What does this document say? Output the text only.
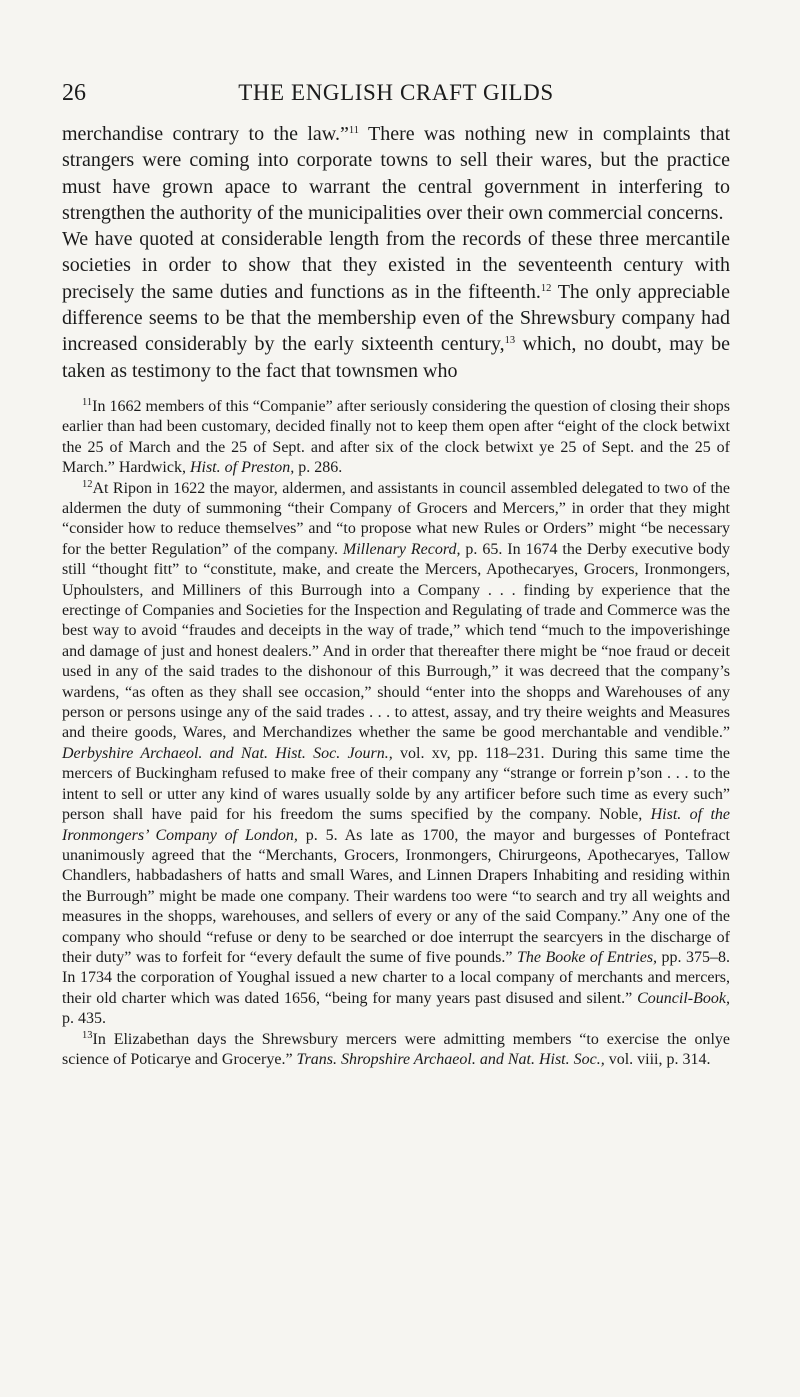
26	THE ENGLISH CRAFT GILDS

merchandise contrary to the law.”$^{11}$ There was nothing new in complaints that strangers were coming into corporate towns to sell their wares, but the practice must have grown apace to warrant the central government in interfering to strengthen the authority of the municipalities over their own commercial concerns.

We have quoted at considerable length from the records of these three mercantile societies in order to show that they existed in the seventeenth century with precisely the same duties and functions as in the fifteenth.$^{12}$ The only appreciable difference seems to be that the membership even of the Shrewsbury company had increased considerably by the early sixteenth century,$^{13}$ which, no doubt, may be taken as testimony to the fact that townsmen who

$^{11}$In 1662 members of this “Companie” after seriously considering the question of closing their shops earlier than had been customary, decided finally not to keep them open after “eight of the clock betwixt the 25 of March and the 25 of Sept. and after six of the clock betwixt ye 25 of Sept. and the 25 of March.” Hardwick, Hist. of Preston, p. 286.

$^{12}$At Ripon in 1622 the mayor, aldermen, and assistants in council assembled delegated to two of the aldermen the duty of summoning “their Company of Grocers and Mercers,” in order that they might “consider how to reduce themselves” and “to propose what new Rules or Orders” might “be necessary for the better Regulation” of the company. Millenary Record, p. 65. In 1674 the Derby executive body still “thought fitt” to “constitute, make, and create the Mercers, Apothecaryes, Grocers, Ironmongers, Uphoulsters, and Milliners of this Burrough into a Company . . . finding by experience that the erectinge of Companies and Societies for the Inspection and Regulating of trade and Commerce was the best way to avoid “fraudes and deceipts in the way of trade,” which tend “much to the impoverishinge and damage of just and honest dealers.” And in order that thereafter there might be “noe fraud or deceit used in any of the said trades to the dishonour of this Burrough,” it was decreed that the company’s wardens, “as often as they shall see occasion,” should “enter into the shopps and Warehouses of any person or persons usinge any of the said trades . . . to attest, assay, and try theire weights and Measures and theire goods, Wares, and Merchandizes whether the same be good merchantable and vendible.” Derbyshire Archaeol. and Nat. Hist. Soc. Journ., vol. xv, pp. 118–231. During this same time the mercers of Buckingham refused to make free of their company any “strange or forrein p’son . . . to the intent to sell or utter any kind of wares usually solde by any artificer before such time as every such” person shall have paid for his freedom the sums specified by the company. Noble, Hist. of the Ironmongers’ Company of London, p. 5. As late as 1700, the mayor and burgesses of Pontefract unanimously agreed that the “Merchants, Grocers, Ironmongers, Chirurgeons, Apothecaryes, Tallow Chandlers, habbadashers of hatts and small Wares, and Linnen Drapers Inhabiting and residing within the Burrough” might be made one company. Their wardens too were “to search and try all weights and measures in the shopps, warehouses, and sellers of every or any of the said Company.” Any one of the company who should “refuse or deny to be searched or doe interrupt the searcyers in the discharge of their duty” was to forfeit for “every default the sume of five pounds.” The Booke of Entries, pp. 375–8. In 1734 the corporation of Youghal issued a new charter to a local company of merchants and mercers, their old charter which was dated 1656, “being for many years past disused and silent.” Council-Book, p. 435.

$^{13}$In Elizabethan days the Shrewsbury mercers were admitting members “to exercise the onlye science of Poticarye and Groceryе.” Trans. Shropshire Archaeol. and Nat. Hist. Soc., vol. viii, p. 314.
